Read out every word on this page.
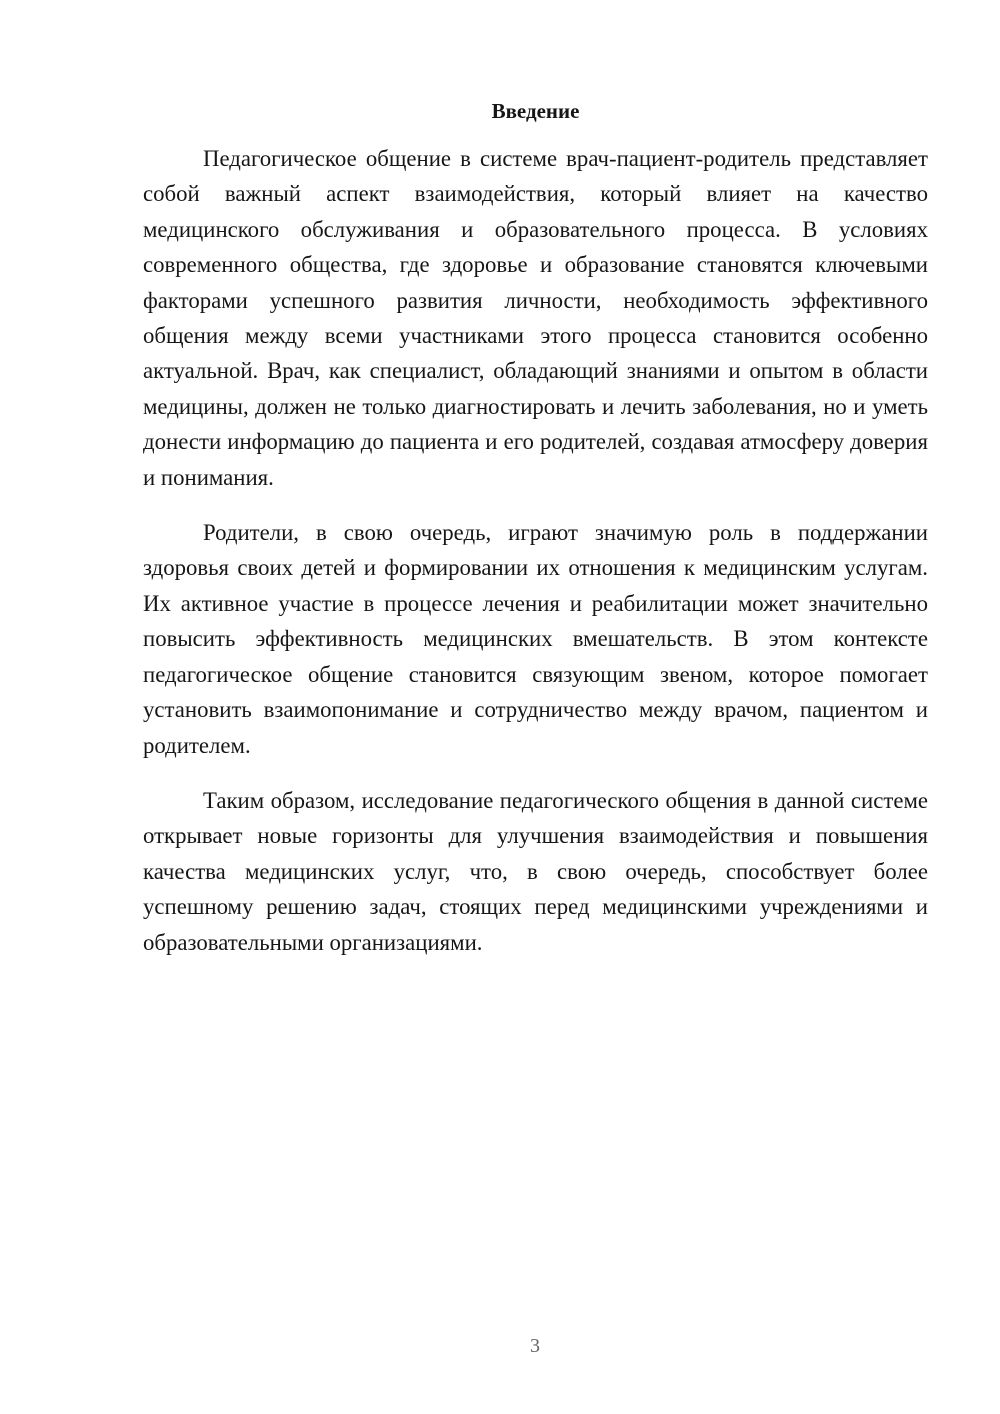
Введение

Педагогическое общение в системе врач-пациент-родитель представляет собой важный аспект взаимодействия, который влияет на качество медицинского обслуживания и образовательного процесса. В условиях современного общества, где здоровье и образование становятся ключевыми факторами успешного развития личности, необходимость эффективного общения между всеми участниками этого процесса становится особенно актуальной. Врач, как специалист, обладающий знаниями и опытом в области медицины, должен не только диагностировать и лечить заболевания, но и уметь донести информацию до пациента и его родителей, создавая атмосферу доверия и понимания.

Родители, в свою очередь, играют значимую роль в поддержании здоровья своих детей и формировании их отношения к медицинским услугам. Их активное участие в процессе лечения и реабилитации может значительно повысить эффективность медицинских вмешательств. В этом контексте педагогическое общение становится связующим звеном, которое помогает установить взаимопонимание и сотрудничество между врачом, пациентом и родителем.

Таким образом, исследование педагогического общения в данной системе открывает новые горизонты для улучшения взаимодействия и повышения качества медицинских услуг, что, в свою очередь, способствует более успешному решению задач, стоящих перед медицинскими учреждениями и образовательными организациями.

3
